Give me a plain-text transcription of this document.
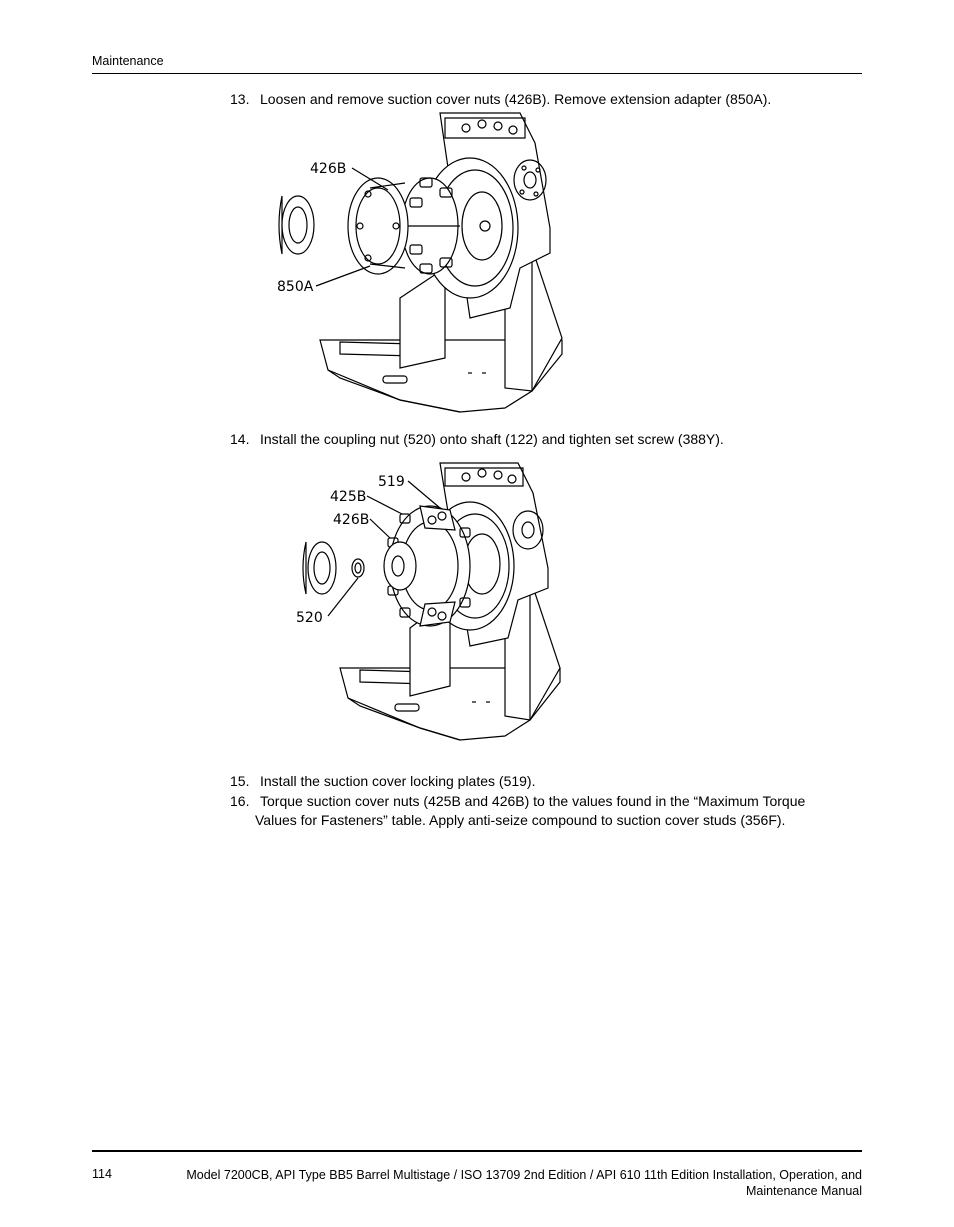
Maintenance
13. Loosen and remove suction cover nuts (426B). Remove extension adapter (850A).
426B
850A
14. Install the coupling nut (520) onto shaft (122) and tighten set screw (388Y).
519
425B
426B
520
15. Install the suction cover locking plates (519).
16. Torque suction cover nuts (425B and 426B) to the values found in the “Maximum Torque
Values for Fasteners” table. Apply anti-seize compound to suction cover studs (356F).
114	Model 7200CB, API Type BB5 Barrel Multistage / ISO 13709 2nd Edition / API 610 11th Edition Installation, Operation, and
Maintenance Manual
